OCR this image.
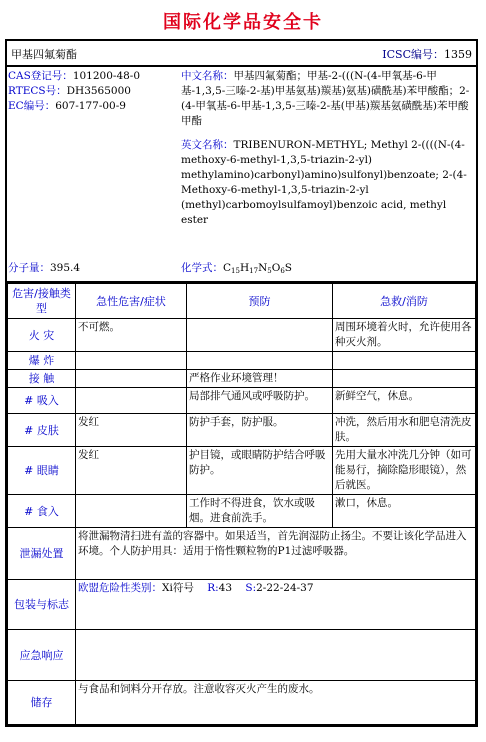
国际化学品安全卡
甲基四氟菊酯	ICSC编号：1359
CAS登记号：101200-48-0
RTECS号：DH3565000
EC编号：607-177-00-9

中文名称：甲基四氟菊酯；甲基-2-(((N-(4-甲氧基-6-甲基-1,3,5-三嗪-2-基)甲基氨基)羰基)氨基)磺酰基)苯甲酸酯；2-(4-甲氧基-6-甲基-1,3,5-三嗪-2-基(甲基)羰基氨磺酰基)苯甲酸甲酯

英文名称：TRIBENURON-METHYL; Methyl 2-((((N-(4-methoxy-6-methyl-1,3,5-triazin-2-yl) methylamino)carbonyl)amino)sulfonyl)benzoate; 2-(4-Methoxy-6-methyl-1,3,5-triazin-2-yl (methyl)carbomoylsulfamoyl)benzoic acid, methyl ester

分子量：395.4	化学式：$C_{15}H_{17}N_5O_6S$
危害/接触类型	急性危害/症状	预防	急救/消防
火 灾	不可燃。		周围环境着火时，允许使用各种灭火剂。
爆 炸			
接 触		严格作业环境管理！	
# 吸入		局部排气通风或呼吸防护。	新鲜空气，休息。
# 皮肤	发红	防护手套，防护服。	冲洗，然后用水和肥皂清洗皮肤。
# 眼睛	发红	护目镜，或眼睛防护结合呼吸防护。	先用大量水冲洗几分钟（如可能易行，摘除隐形眼镜），然后就医。
# 食入		工作时不得进食，饮水或吸烟。进食前洗手。	漱口，休息。
泄漏处置	将泄漏物清扫进有盖的容器中。如果适当，首先润湿防止扬尘。不要让该化学品进入环境。个人防护用具：适用于惰性颗粒物的P1过滤呼吸器。		
包装与标志	欧盟危险性类别：Xi符号 R:43 S:2-22-24-37		
应急响应			
储存	与食品和饲料分开存放。注意收容灭火产生的废水。		
